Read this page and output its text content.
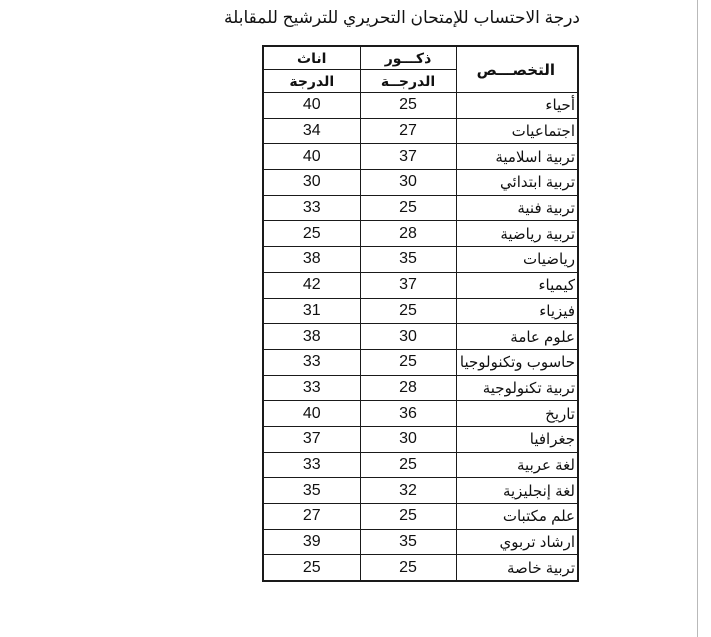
درجة الاحتساب للإمتحان التحريري للترشيح للمقابلة
التخصـــص	ذكـــور	اناث
	الدرجــة	الدرجة
أحياء	25	40
اجتماعيات	27	34
تربية اسلامية	37	40
تربية ابتدائي	30	30
تربية فنية	25	33
تربية رياضية	28	25
رياضيات	35	38
كيمياء	37	42
فيزياء	25	31
علوم عامة	30	38
حاسوب وتكنولوجيا	25	33
تربية تكنولوجية	28	33
تاريخ	36	40
جغرافيا	30	37
لغة عربية	25	33
لغة إنجليزية	32	35
علم مكتبات	25	27
ارشاد تربوي	35	39
تربية خاصة	25	25
